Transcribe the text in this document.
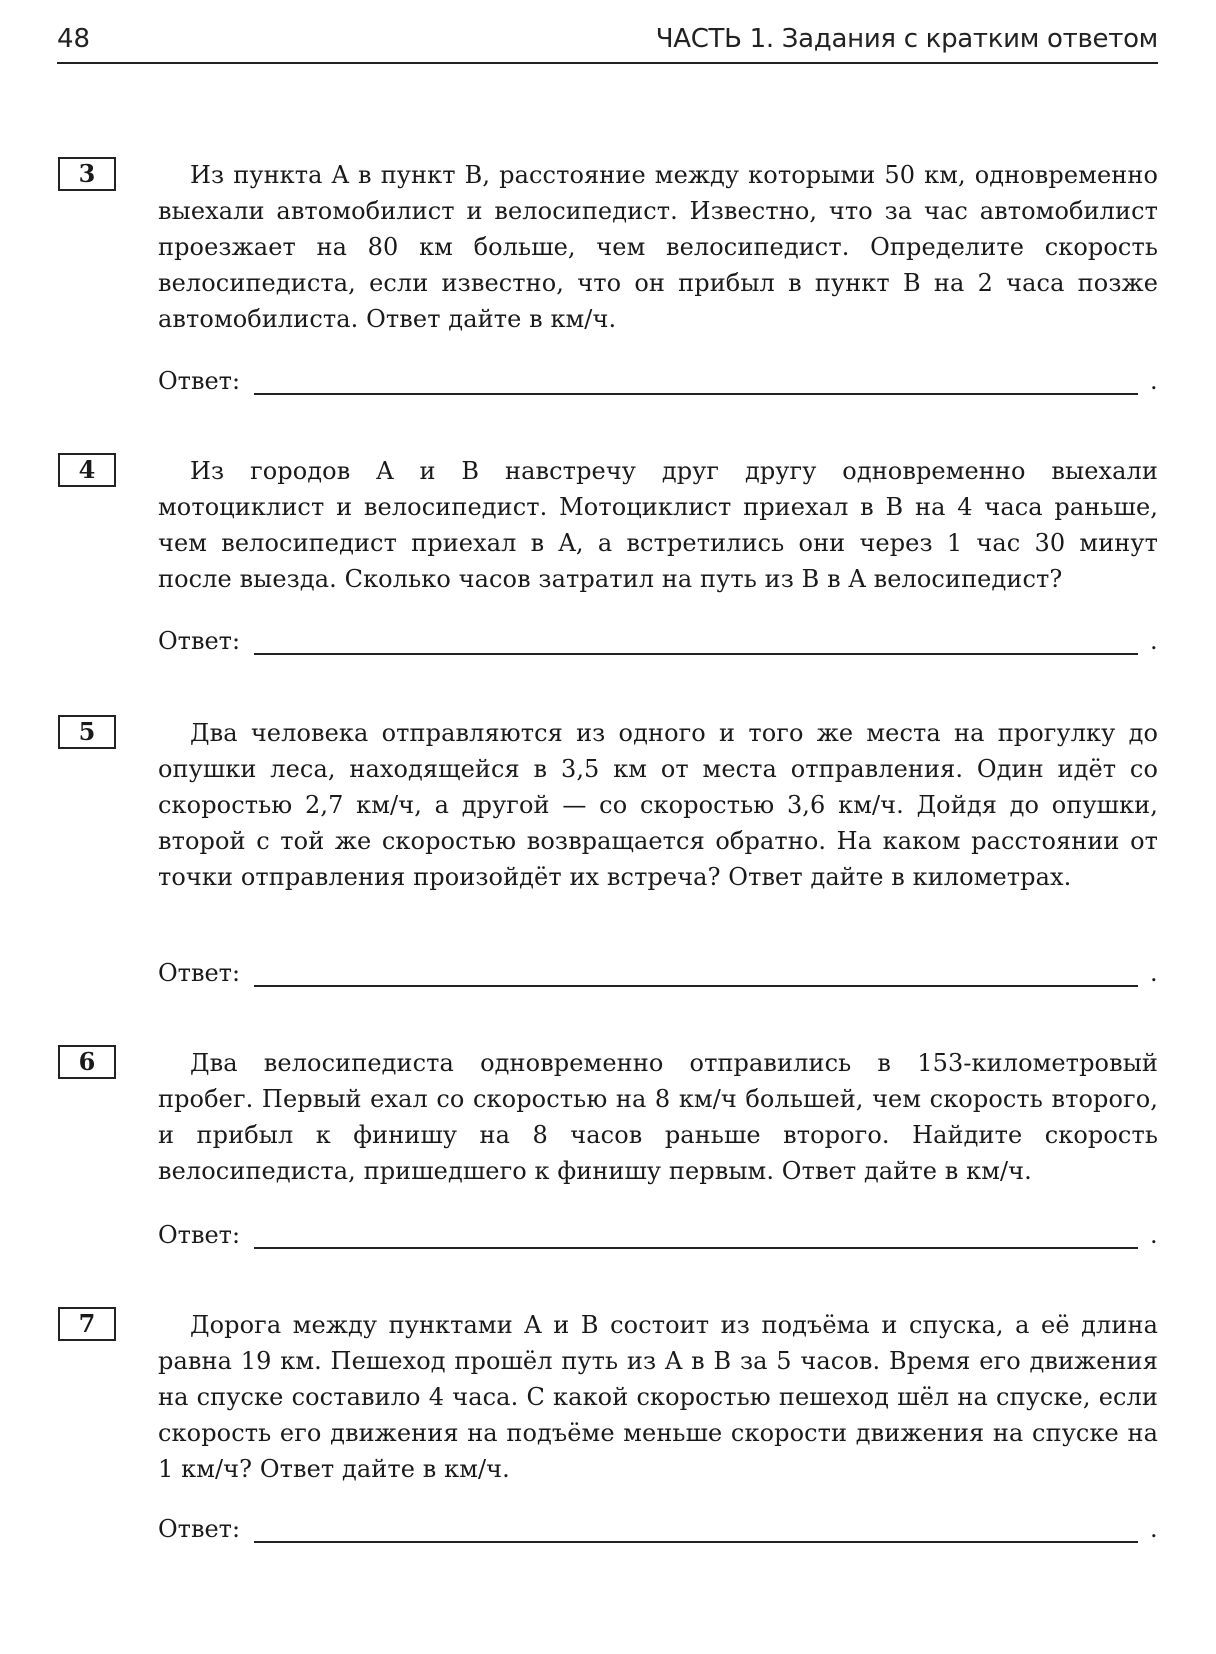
48	ЧАСТЬ 1. Задания с кратким ответом
3	Из пункта A в пункт B, расстояние между которыми 50 км, одновременно выехали автомобилист и велосипедист. Известно, что за час автомобилист проезжает на 80 км больше, чем велосипедист. Определите скорость велосипедиста, если известно, что он прибыл в пункт B на 2 часа позже автомобилиста. Ответ дайте в км/ч.

Ответ:	.
4	Из городов A и B навстречу друг другу одновременно выехали мотоциклист и велосипедист. Мотоциклист приехал в B на 4 часа раньше, чем велосипедист приехал в A, а встретились они через 1 час 30 минут после выезда. Сколько часов затратил на путь из B в A велосипедист?

Ответ:	.
5	Два человека отправляются из одного и того же места на прогулку до опушки леса, находящейся в 3,5 км от места отправления. Один идёт со скоростью 2,7 км/ч, а другой — со скоростью 3,6 км/ч. Дойдя до опушки, второй с той же скоростью возвращается обратно. На каком расстоянии от точки отправления произойдёт их встреча? Ответ дайте в километрах.

Ответ:	.
6	Два велосипедиста одновременно отправились в 153-километровый пробег. Первый ехал со скоростью на 8 км/ч большей, чем скорость второго, и прибыл к финишу на 8 часов раньше второго. Найдите скорость велосипедиста, пришедшего к финишу первым. Ответ дайте в км/ч.

Ответ:	.
7	Дорога между пунктами A и B состоит из подъёма и спуска, а её длина равна 19 км. Пешеход прошёл путь из A в B за 5 часов. Время его движения на спуске составило 4 часа. С какой скоростью пешеход шёл на спуске, если скорость его движения на подъёме меньше скорости движения на спуске на 1 км/ч? Ответ дайте в км/ч.

Ответ:	.
